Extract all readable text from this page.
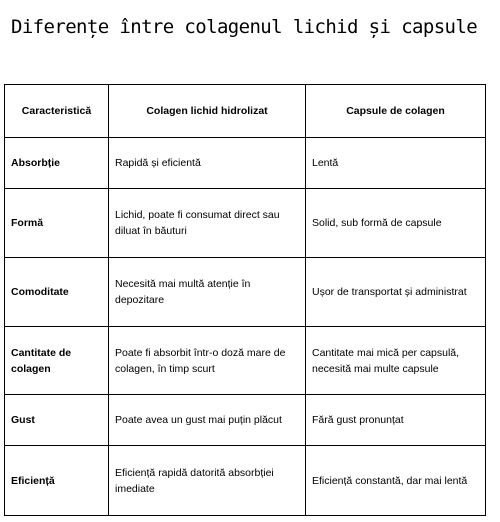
Diferențe între colagenul lichid și capsule
Caracteristică	Colagen lichid hidrolizat	Capsule de colagen
Absorbție	Rapidă și eficientă	Lentă
Formă	Lichid, poate fi consumat direct sau diluat în băuturi	Solid, sub formă de capsule
Comoditate	Necesită mai multă atenție în depozitare	Ușor de transportat și administrat
Cantitate de colagen	Poate fi absorbit într-o doză mare de colagen, în timp scurt	Cantitate mai mică per capsulă, necesită mai multe capsule
Gust	Poate avea un gust mai puțin plăcut	Fără gust pronunțat
Eficiență	Eficiență rapidă datorită absorbției imediate	Eficiență constantă, dar mai lentă
